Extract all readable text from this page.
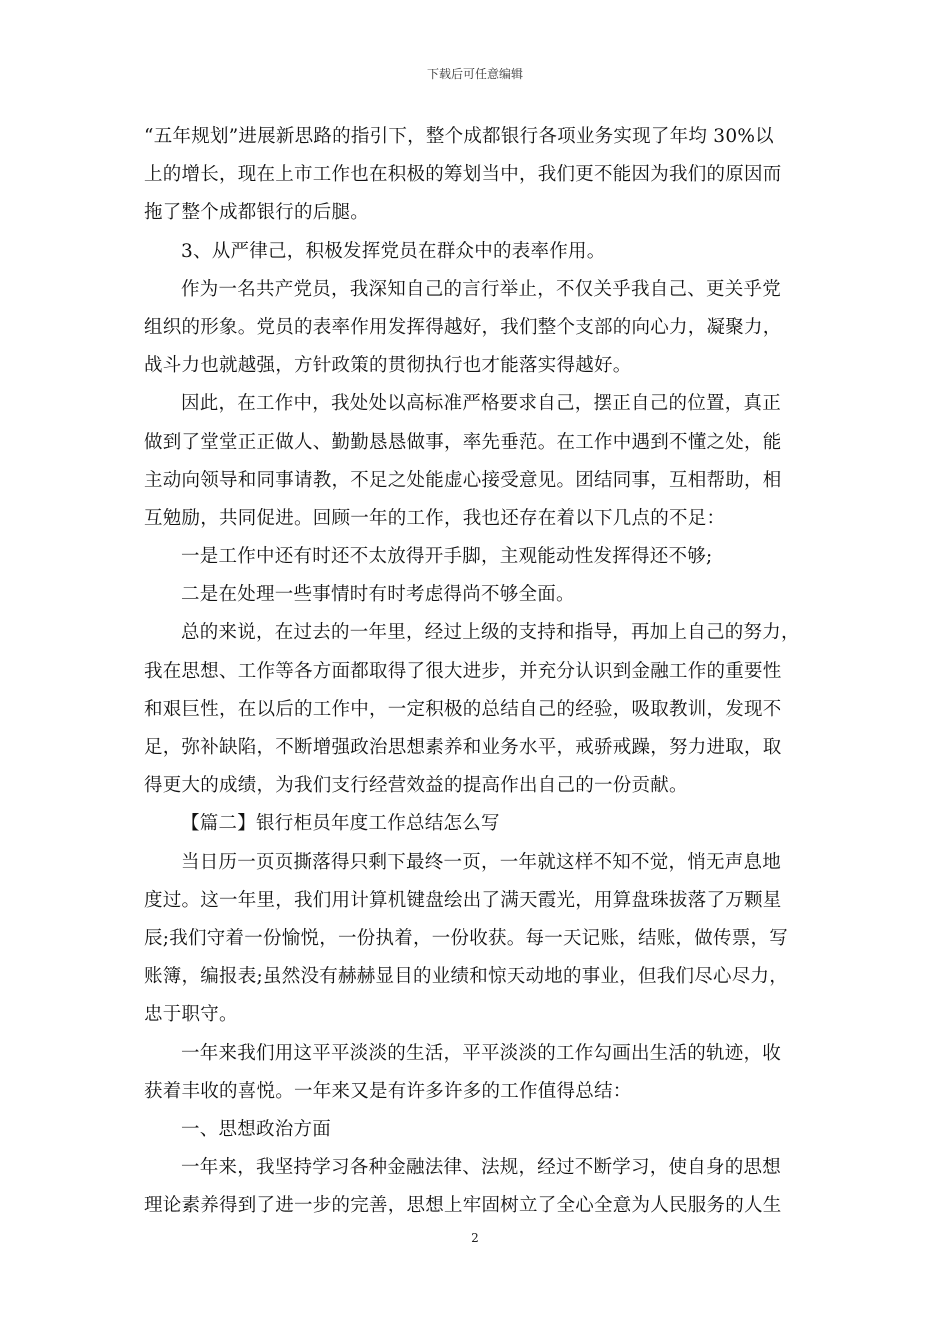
下载后可任意编辑
“五年规划”进展新思路的指引下，整个成都银行各项业务实现了年均 30%以
上的增长，现在上市工作也在积极的筹划当中，我们更不能因为我们的原因而
拖了整个成都银行的后腿。
3、从严律己，积极发挥党员在群众中的表率作用。
作为一名共产党员，我深知自己的言行举止，不仅关乎我自己、更关乎党
组织的形象。党员的表率作用发挥得越好，我们整个支部的向心力，凝聚力，
战斗力也就越强，方针政策的贯彻执行也才能落实得越好。
因此，在工作中，我处处以高标准严格要求自己，摆正自己的位置，真正
做到了堂堂正正做人、勤勤恳恳做事，率先垂范。在工作中遇到不懂之处，能
主动向领导和同事请教，不足之处能虚心接受意见。团结同事，互相帮助，相
互勉励，共同促进。回顾一年的工作，我也还存在着以下几点的不足：
一是工作中还有时还不太放得开手脚，主观能动性发挥得还不够;
二是在处理一些事情时有时考虑得尚不够全面。
总的来说，在过去的一年里，经过上级的支持和指导，再加上自己的努力，
我在思想、工作等各方面都取得了很大进步，并充分认识到金融工作的重要性
和艰巨性，在以后的工作中，一定积极的总结自己的经验，吸取教训，发现不
足，弥补缺陷，不断增强政治思想素养和业务水平，戒骄戒躁，努力进取，取
得更大的成绩，为我们支行经营效益的提高作出自己的一份贡献。
【篇二】银行柜员年度工作总结怎么写
当日历一页页撕落得只剩下最终一页，一年就这样不知不觉，悄无声息地
度过。这一年里，我们用计算机键盘绘出了满天霞光，用算盘珠拔落了万颗星
辰;我们守着一份愉悦，一份执着，一份收获。每一天记账，结账，做传票，写
账簿，编报表;虽然没有赫赫显目的业绩和惊天动地的事业，但我们尽心尽力，
忠于职守。
一年来我们用这平平淡淡的生活，平平淡淡的工作勾画出生活的轨迹，收
获着丰收的喜悦。一年来又是有许多许多的工作值得总结：
一、思想政治方面
一年来，我坚持学习各种金融法律、法规，经过不断学习，使自身的思想
理论素养得到了进一步的完善，思想上牢固树立了全心全意为人民服务的人生
2
